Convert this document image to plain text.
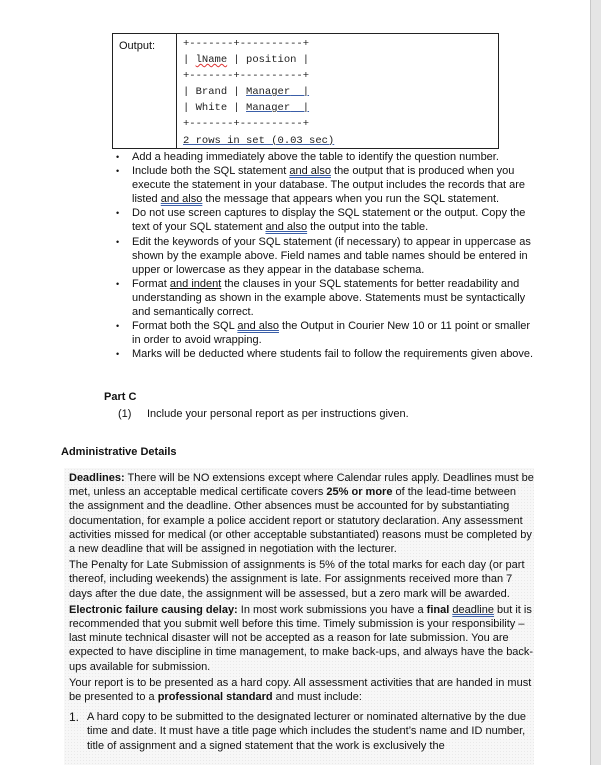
Output:	+-------+----------+
| lName | position |
+-------+----------+
| Brand | Manager  |
| White | Manager  |
+-------+----------+
2 rows in set (0.03 sec)
• Add a heading immediately above the table to identify the question number.
• Include both the SQL statement and also the output that is produced when you execute the statement in your database. The output includes the records that are listed and also the message that appears when you run the SQL statement.
• Do not use screen captures to display the SQL statement or the output. Copy the text of your SQL statement and also the output into the table.
• Edit the keywords of your SQL statement (if necessary) to appear in uppercase as shown by the example above. Field names and table names should be entered in upper or lowercase as they appear in the database schema.
• Format and indent the clauses in your SQL statements for better readability and understanding as shown in the example above. Statements must be syntactically and semantically correct.
• Format both the SQL and also the Output in Courier New 10 or 11 point or smaller in order to avoid wrapping.
• Marks will be deducted where students fail to follow the requirements given above.
Part C
(1)	Include your personal report as per instructions given.
Administrative Details

Deadlines: There will be NO extensions except where Calendar rules apply. Deadlines must be met, unless an acceptable medical certificate covers 25% or more of the lead-time between the assignment and the deadline. Other absences must be accounted for by substantiating documentation, for example a police accident report or statutory declaration. Any assessment activities missed for medical (or other acceptable substantiated) reasons must be completed by a new deadline that will be assigned in negotiation with the lecturer.

The Penalty for Late Submission of assignments is 5% of the total marks for each day (or part thereof, including weekends) the assignment is late. For assignments received more than 7 days after the due date, the assignment will be assessed, but a zero mark will be awarded.

Electronic failure causing delay: In most work submissions you have a final deadline but it is recommended that you submit well before this time. Timely submission is your responsibility – last minute technical disaster will not be accepted as a reason for late submission. You are expected to have discipline in time management, to make back-ups, and always have the back-ups available for submission.

Your report is to be presented as a hard copy. All assessment activities that are handed in must be presented to a professional standard and must include:

1. A hard copy to be submitted to the designated lecturer or nominated alternative by the due time and date. It must have a title page which includes the student’s name and ID number, title of assignment and a signed statement that the work is exclusively the
